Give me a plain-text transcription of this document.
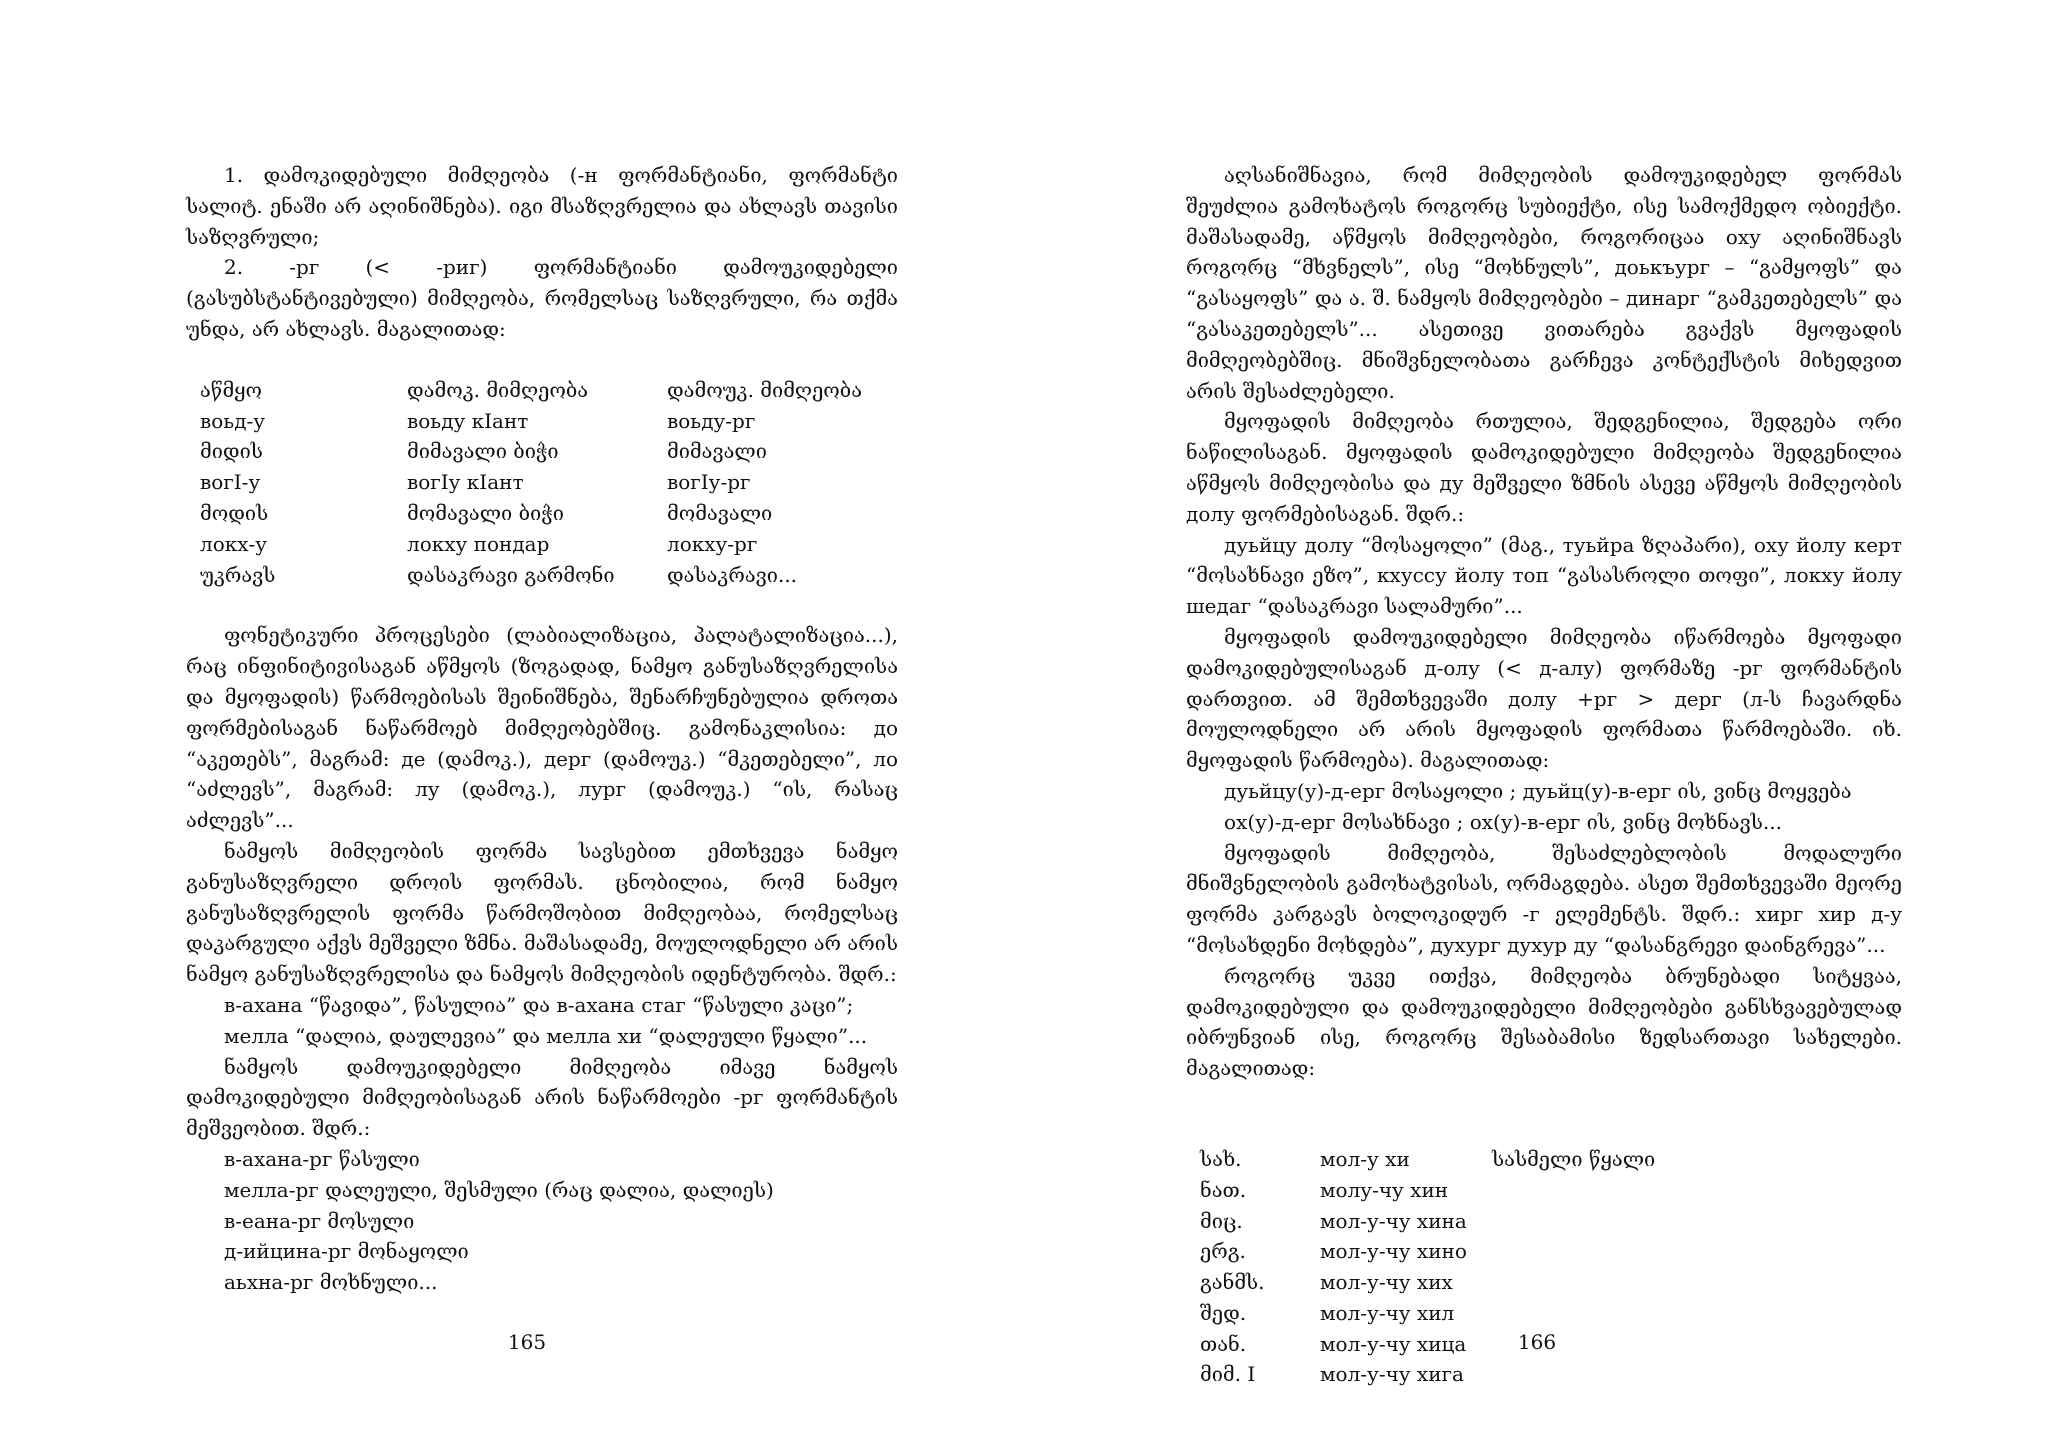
1. დამოკიდებული მიმღეობა (-н ფორმანტიანი, ფორმანტი სალიტ. ენაში არ აღინიშნება). იგი მსაზღვრელია და ახლავს თავისი საზღვრული;

2. -рг (< -риг) ფორმანტიანი დამოუკიდებელი (გასუბსტანტივებული) მიმღეობა, რომელსაც საზღვრული, რა თქმა უნდა, არ ახლავს. მაგალითად:

აწმყო	დამოკ. მიმღეობა	დამოუკ. მიმღეობა
воьд-у	воьду кIант	воьду-рг
მიდის	მიმავალი ბიჭი	მიმავალი
вогI-у	вогIу кIант	вогIу-рг
მოდის	მომავალი ბიჭი	მომავალი
локх-у	локху пондар	локху-рг
უკრავს	დასაკრავი გარმონი	დასაკრავი...

ფონეტიკური პროცესები (ლაბიალიზაცია, პალატალიზაცია...), რაც ინფინიტივისაგან აწმყოს (ზოგადად, ნამყო განუსაზღვრელისა და მყოფადის) წარმოებისას შეინიშნება, შენარჩუნებულია დროთა ფორმებისაგან ნაწარმოებ მიმღეობებშიც. გამონაკლისია: до “აკეთებს”, მაგრამ: де (დამოკ.), дерг (დამოუკ.) “მკეთებელი”, ло “აძლევს”, მაგრამ: лу (დამოკ.), лург (დამოუკ.) “ის, რასაც აძლევს”...

ნამყოს მიმღეობის ფორმა სავსებით ემთხვევა ნამყო განუსაზღვრელი დროის ფორმას. ცნობილია, რომ ნამყო განუსაზღვრელის ფორმა წარმოშობით მიმღეობაა, რომელსაც დაკარგული აქვს მეშველი ზმნა. მაშასადამე, მოულოდნელი არ არის ნამყო განუსაზღვრელისა და ნამყოს მიმღეობის იდენტურობა. შდრ.:

в-ахана “წავიდა”, წასულია” და в-ахана стаг “წასული კაცი”;

мелла “დალია, დაულევია” და мелла хи “დალეული წყალი”...

ნამყოს დამოუკიდებელი მიმღეობა იმავე ნამყოს დამოკიდებული მიმღეობისაგან არის ნაწარმოები -рг ფორმანტის მეშვეობით. შდრ.:

в-ахана-рг წასული

мелла-рг დალეული, შესმული (რაც დალია, დალიეს)

в-еана-рг მოსული

д-ийцина-рг მონაყოლი

аьхна-рг მოხნული...

165

აღსანიშნავია, რომ მიმღეობის დამოუკიდებელ ფორმას შეუძლია გამოხატოს როგორც სუბიექტი, ისე სამოქმედო ობიექტი. მაშასადამე, აწმყოს მიმღეობები, როგორიცაა оху აღინიშნავს როგორც “მხვნელს”, ისე “მოხნულს”, доькъург – “გამყოფს” და “გასაყოფს” და ა. შ. ნამყოს მიმღეობები – динарг “გამკეთებელს” და “გასაკეთებელს”... ასეთივე ვითარება გვაქვს მყოფადის მიმღეობებშიც. მნიშვნელობათა გარჩევა კონტექსტის მიხედვით არის შესაძლებელი.

მყოფადის მიმღეობა რთულია, შედგენილია, შედგება ორი ნაწილისაგან. მყოფადის დამოკიდებული მიმღეობა შედგენილია აწმყოს მიმღეობისა და ду მეშველი ზმნის ასევე აწმყოს მიმღეობის долу ფორმებისაგან. შდრ.:

дуьйцу долу “მოსაყოლი” (მაგ., туьйра ზღაპარი), оху йолу керт “მოსახნავი ეზო”, кхуссу йолу топ “გასასროლი თოფი”, локху йолу шедаг “დასაკრავი სალამური”...

მყოფადის დამოუკიდებელი მიმღეობა იწარმოება მყოფადი დამოკიდებულისაგან д-олу (< д-алу) ფორმაზე -рг ფორმანტის დართვით. ამ შემთხვევაში долу +рг > дерг (л-ს ჩავარდნა მოულოდნელი არ არის მყოფადის ფორმათა წარმოებაში. იხ. მყოფადის წარმოება). მაგალითად:

дуьйцу(у)-д-ерг მოსაყოლი ; дуьйц(у)-в-ерг ის, ვინც მოყვება

ох(у)-д-ерг მოსახნავი ; ох(у)-в-ерг ის, ვინც მოხნავს...

მყოფადის მიმღეობა, შესაძლებლობის მოდალური მნიშვნელობის გამოხატვისას, ორმაგდება. ასეთ შემთხვევაში მეორე ფორმა კარგავს ბოლოკიდურ -г ელემენტს. შდრ.: хирг хир д-у “მოსახდენი მოხდება”, духург духур ду “დასანგრევი დაინგრევა”...

როგორც უკვე ითქვა, მიმღეობა ბრუნებადი სიტყვაა, დამოკიდებული და დამოუკიდებელი მიმღეობები განსხვავებულად იბრუნვიან ისე, როგორც შესაბამისი ზედსართავი სახელები. მაგალითად:

სახ.	мол-у хи	სასმელი წყალი
ნათ.	молу-чу хин	
მიც.	мол-у-чу хина	
ერგ.	мол-у-чу хино	
განმს.	мол-у-чу хих	
შედ.	мол-у-чу хил	
თან.	мол-у-чу хица	
მიმ. I	мол-у-чу хига	
166
